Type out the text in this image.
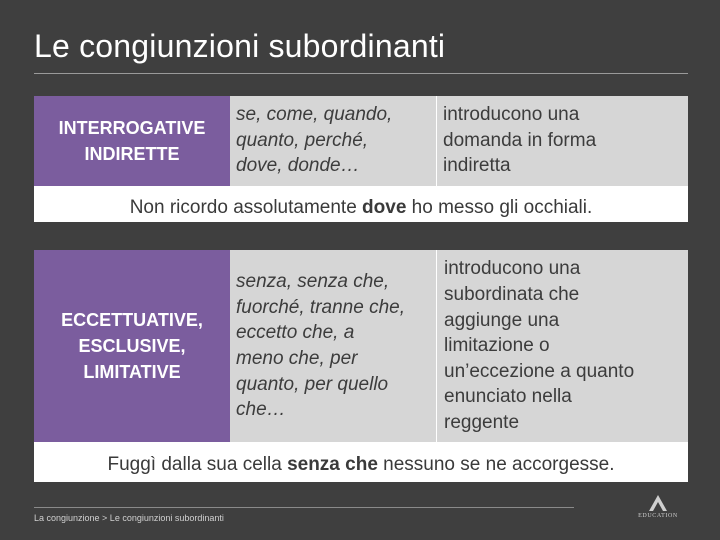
Le congiunzioni subordinanti
INTERROGATIVE
INDIRETTE
se, come, quando,
quanto, perché,
dove, donde…
introducono una
domanda in forma
indiretta
Non ricordo assolutamente dove ho messo gli occhiali.
ECCETTUATIVE,
ESCLUSIVE,
LIMITATIVE
senza, senza che,
fuorché, tranne che,
eccetto che, a
meno che, per
quanto, per quello
che…
introducono una
subordinata che
aggiunge una
limitazione o
un’eccezione a quanto
enunciato nella
reggente
Fuggì dalla sua cella senza che nessuno se ne accorgesse.
La congiunzione > Le congiunzioni subordinanti	EDUCATION
